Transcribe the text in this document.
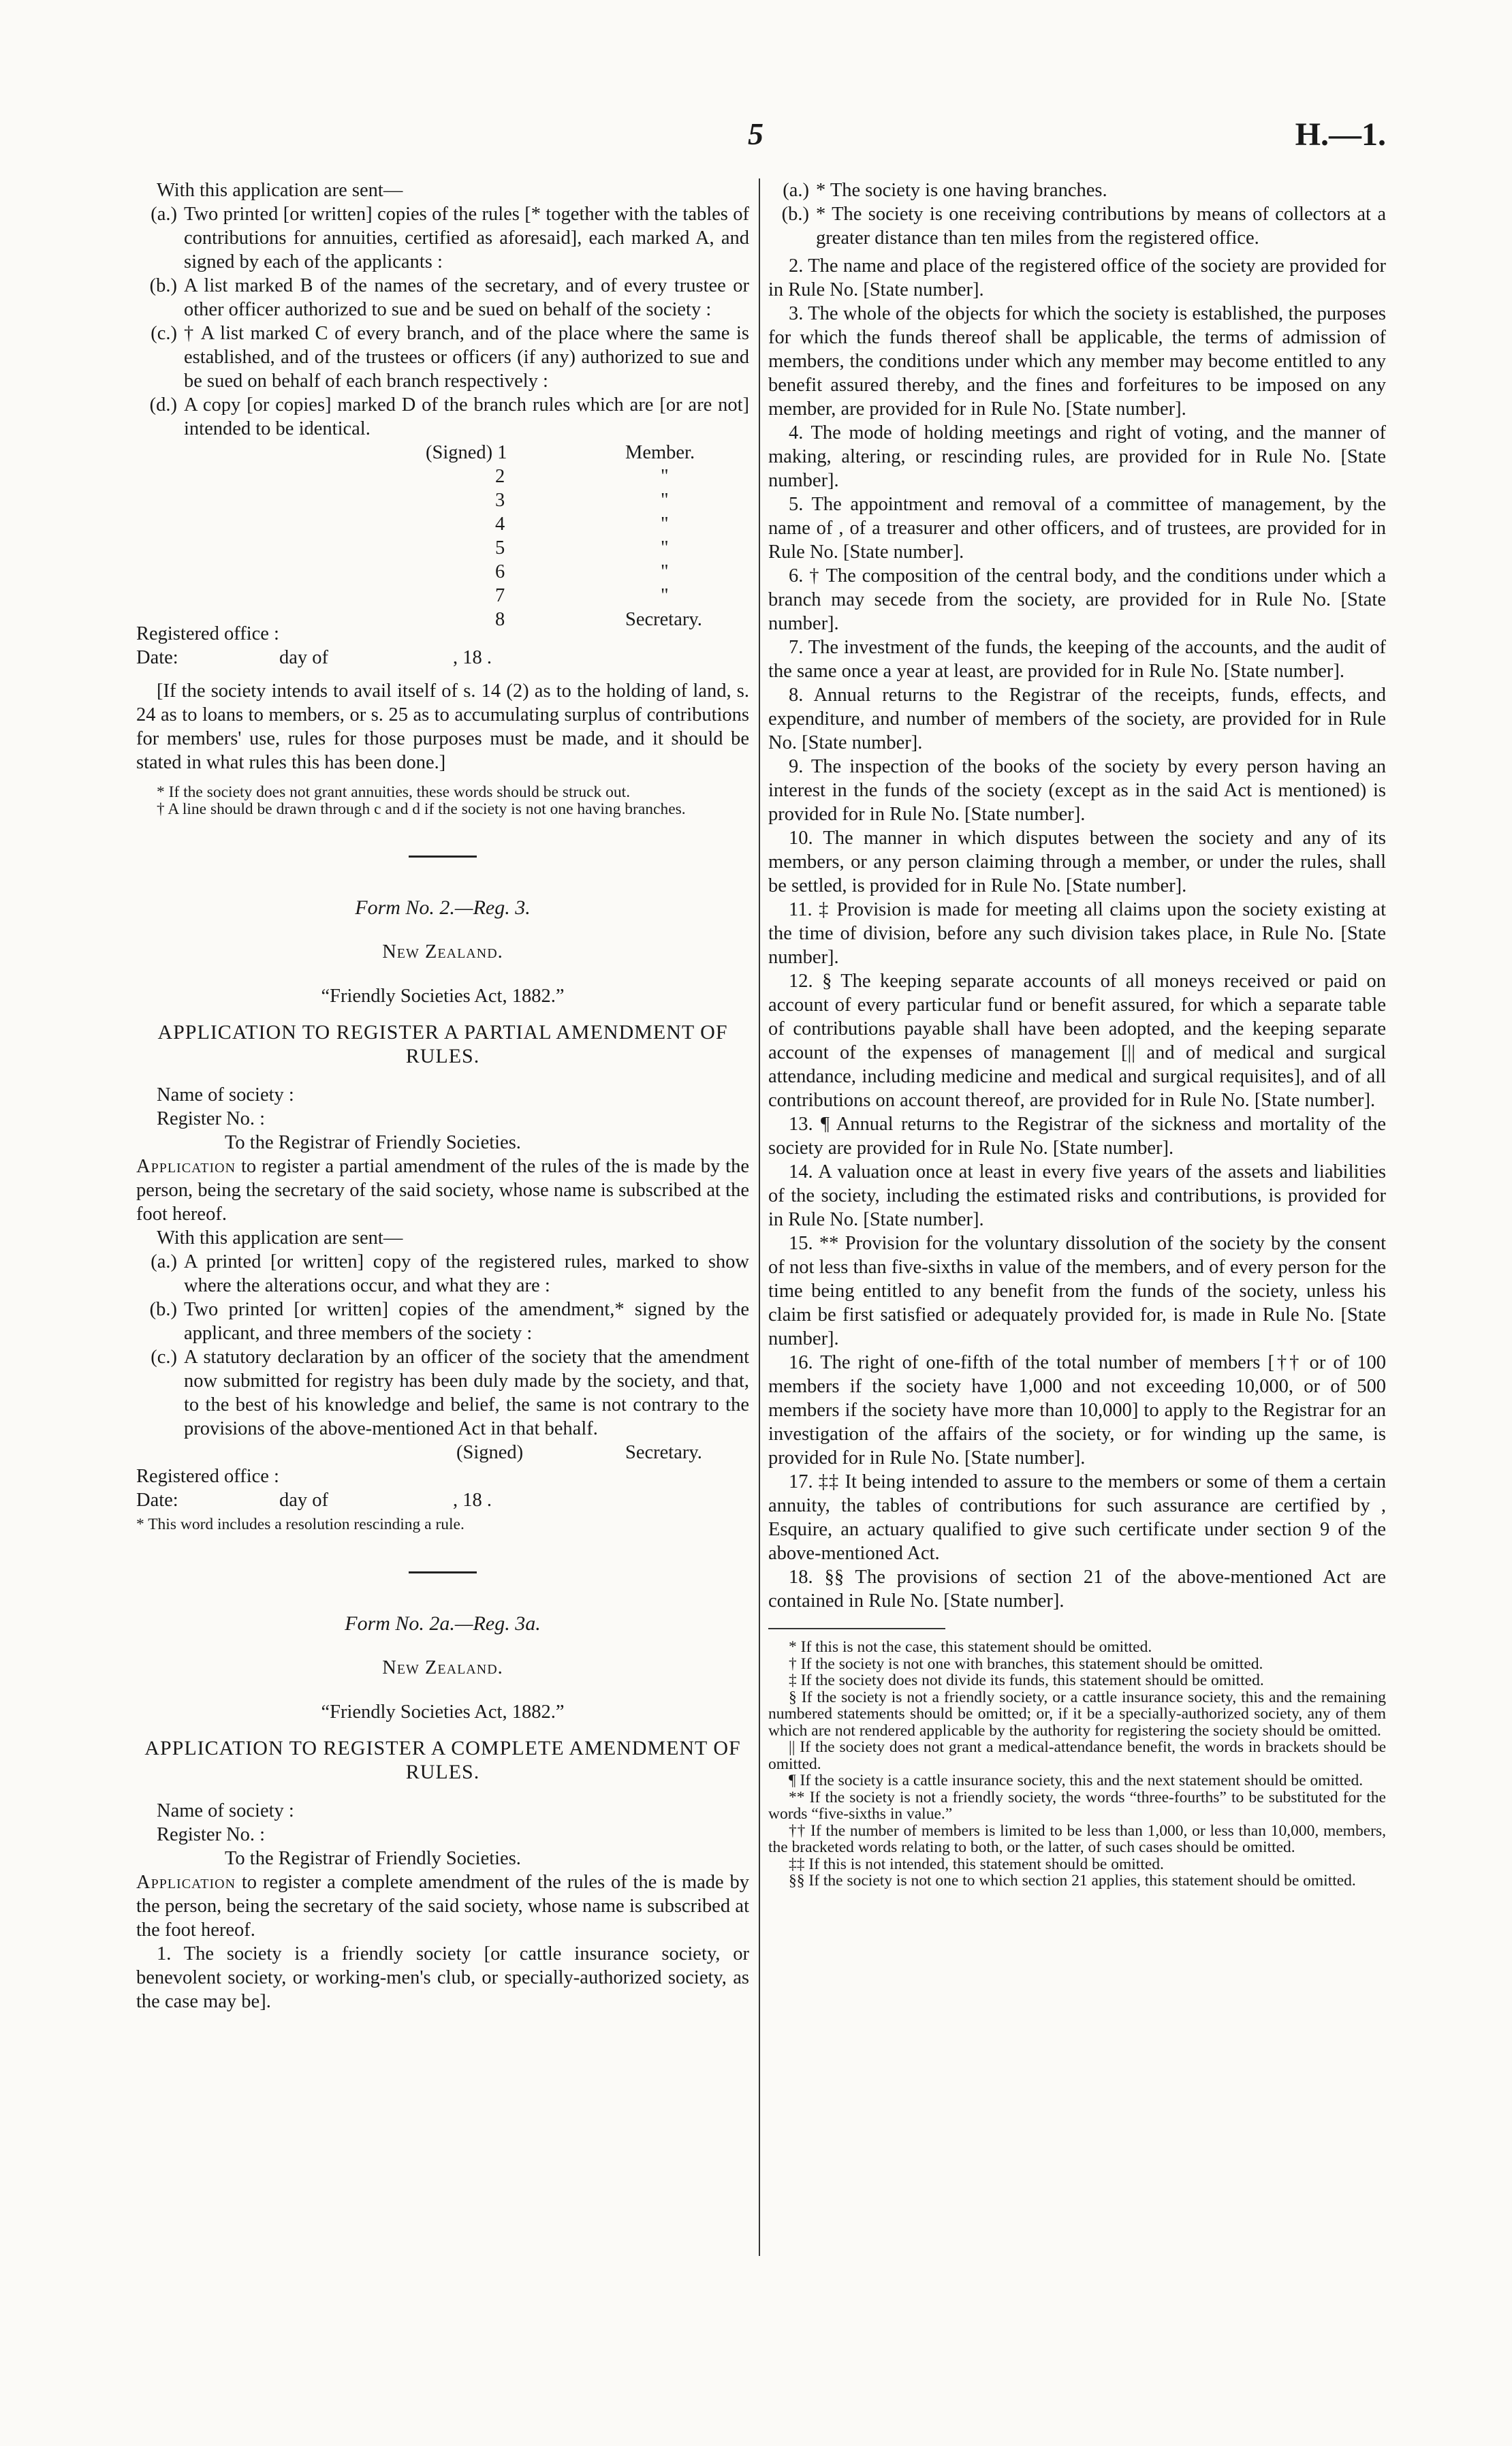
5	H.—1.

With this application are sent—

(a.) Two printed [or written] copies of the rules [* together with the tables of contributions for annuities, certified as aforesaid], each marked A, and signed by each of the applicants :
(b.) A list marked B of the names of the secretary, and of every trustee or other officer authorized to sue and be sued on behalf of the society :
(c.) † A list marked C of every branch, and of the place where the same is established, and of the trustees or officers (if any) authorized to sue and be sued on behalf of each branch respectively :
(d.) A copy [or copies] marked D of the branch rules which are [or are not] intended to be identical.
(Signed) 1	Member.
2	"
3	"
4	"
5	"
6	"
7	"
8	Secretary.

Registered office :

Date:	day of	, 18 .

[If the society intends to avail itself of s. 14 (2) as to the holding of land, s. 24 as to loans to members, or s. 25 as to accumulating surplus of contributions for members' use, rules for those purposes must be made, and it should be stated in what rules this has been done.]

* If the society does not grant annuities, these words should be struck out.

† A line should be drawn through c and d if the society is not one having branches.

Form No. 2.—Reg. 3.

New Zealand.

“Friendly Societies Act, 1882.”

APPLICATION TO REGISTER A PARTIAL AMENDMENT OF RULES.

Name of society :

Register No. :

To the Registrar of Friendly Societies.

Application to register a partial amendment of the rules of the is made by the person, being the secretary of the said society, whose name is subscribed at the foot hereof.

With this application are sent—

(a.) A printed [or written] copy of the registered rules, marked to show where the alterations occur, and what they are :
(b.) Two printed [or written] copies of the amendment,* signed by the applicant, and three members of the society :
(c.) A statutory declaration by an officer of the society that the amendment now submitted for registry has been duly made by the society, and that, to the best of his knowledge and belief, the same is not contrary to the provisions of the above-mentioned Act in that behalf.
(Signed)	Secretary.

Registered office :

Date:	day of	, 18 .

* This word includes a resolution rescinding a rule.

Form No. 2a.—Reg. 3a.

New Zealand.

“Friendly Societies Act, 1882.”

APPLICATION TO REGISTER A COMPLETE AMENDMENT OF RULES.

Name of society :

Register No. :

To the Registrar of Friendly Societies.

Application to register a complete amendment of the rules of the is made by the person, being the secretary of the said society, whose name is subscribed at the foot hereof.

1. The society is a friendly society [or cattle insurance society, or benevolent society, or working-men's club, or specially-authorized society, as the case may be].

(a.) * The society is one having branches.
(b.) * The society is one receiving contributions by means of collectors at a greater distance than ten miles from the registered office.

2. The name and place of the registered office of the society are provided for in Rule No. [State number].

3. The whole of the objects for which the society is established, the purposes for which the funds thereof shall be applicable, the terms of admission of members, the conditions under which any member may become entitled to any benefit assured thereby, and the fines and forfeitures to be imposed on any member, are provided for in Rule No. [State number].

4. The mode of holding meetings and right of voting, and the manner of making, altering, or rescinding rules, are provided for in Rule No. [State number].

5. The appointment and removal of a committee of management, by the name of , of a treasurer and other officers, and of trustees, are provided for in Rule No. [State number].

6. † The composition of the central body, and the conditions under which a branch may secede from the society, are provided for in Rule No. [State number].

7. The investment of the funds, the keeping of the accounts, and the audit of the same once a year at least, are provided for in Rule No. [State number].

8. Annual returns to the Registrar of the receipts, funds, effects, and expenditure, and number of members of the society, are provided for in Rule No. [State number].

9. The inspection of the books of the society by every person having an interest in the funds of the society (except as in the said Act is mentioned) is provided for in Rule No. [State number].

10. The manner in which disputes between the society and any of its members, or any person claiming through a member, or under the rules, shall be settled, is provided for in Rule No. [State number].

11. ‡ Provision is made for meeting all claims upon the society existing at the time of division, before any such division takes place, in Rule No. [State number].

12. § The keeping separate accounts of all moneys received or paid on account of every particular fund or benefit assured, for which a separate table of contributions payable shall have been adopted, and the keeping separate account of the expenses of management [|| and of medical and surgical attendance, including medicine and medical and surgical requisites], and of all contributions on account thereof, are provided for in Rule No. [State number].

13. ¶ Annual returns to the Registrar of the sickness and mortality of the society are provided for in Rule No. [State number].

14. A valuation once at least in every five years of the assets and liabilities of the society, including the estimated risks and contributions, is provided for in Rule No. [State number].

15. ** Provision for the voluntary dissolution of the society by the consent of not less than five-sixths in value of the members, and of every person for the time being entitled to any benefit from the funds of the society, unless his claim be first satisfied or adequately provided for, is made in Rule No. [State number].

16. The right of one-fifth of the total number of members [†† or of 100 members if the society have 1,000 and not exceeding 10,000, or of 500 members if the society have more than 10,000] to apply to the Registrar for an investigation of the affairs of the society, or for winding up the same, is provided for in Rule No. [State number].

17. ‡‡ It being intended to assure to the members or some of them a certain annuity, the tables of contributions for such assurance are certified by , Esquire, an actuary qualified to give such certificate under section 9 of the above-mentioned Act.

18. §§ The provisions of section 21 of the above-mentioned Act are contained in Rule No. [State number].

* If this is not the case, this statement should be omitted.

† If the society is not one with branches, this statement should be omitted.

‡ If the society does not divide its funds, this statement should be omitted.

§ If the society is not a friendly society, or a cattle insurance society, this and the remaining numbered statements should be omitted; or, if it be a specially-authorized society, any of them which are not rendered applicable by the authority for registering the society should be omitted.

|| If the society does not grant a medical-attendance benefit, the words in brackets should be omitted.

¶ If the society is a cattle insurance society, this and the next statement should be omitted.

** If the society is not a friendly society, the words “three-fourths” to be substituted for the words “five-sixths in value.”

†† If the number of members is limited to be less than 1,000, or less than 10,000, members, the bracketed words relating to both, or the latter, of such cases should be omitted.

‡‡ If this is not intended, this statement should be omitted.

§§ If the society is not one to which section 21 applies, this statement should be omitted.
